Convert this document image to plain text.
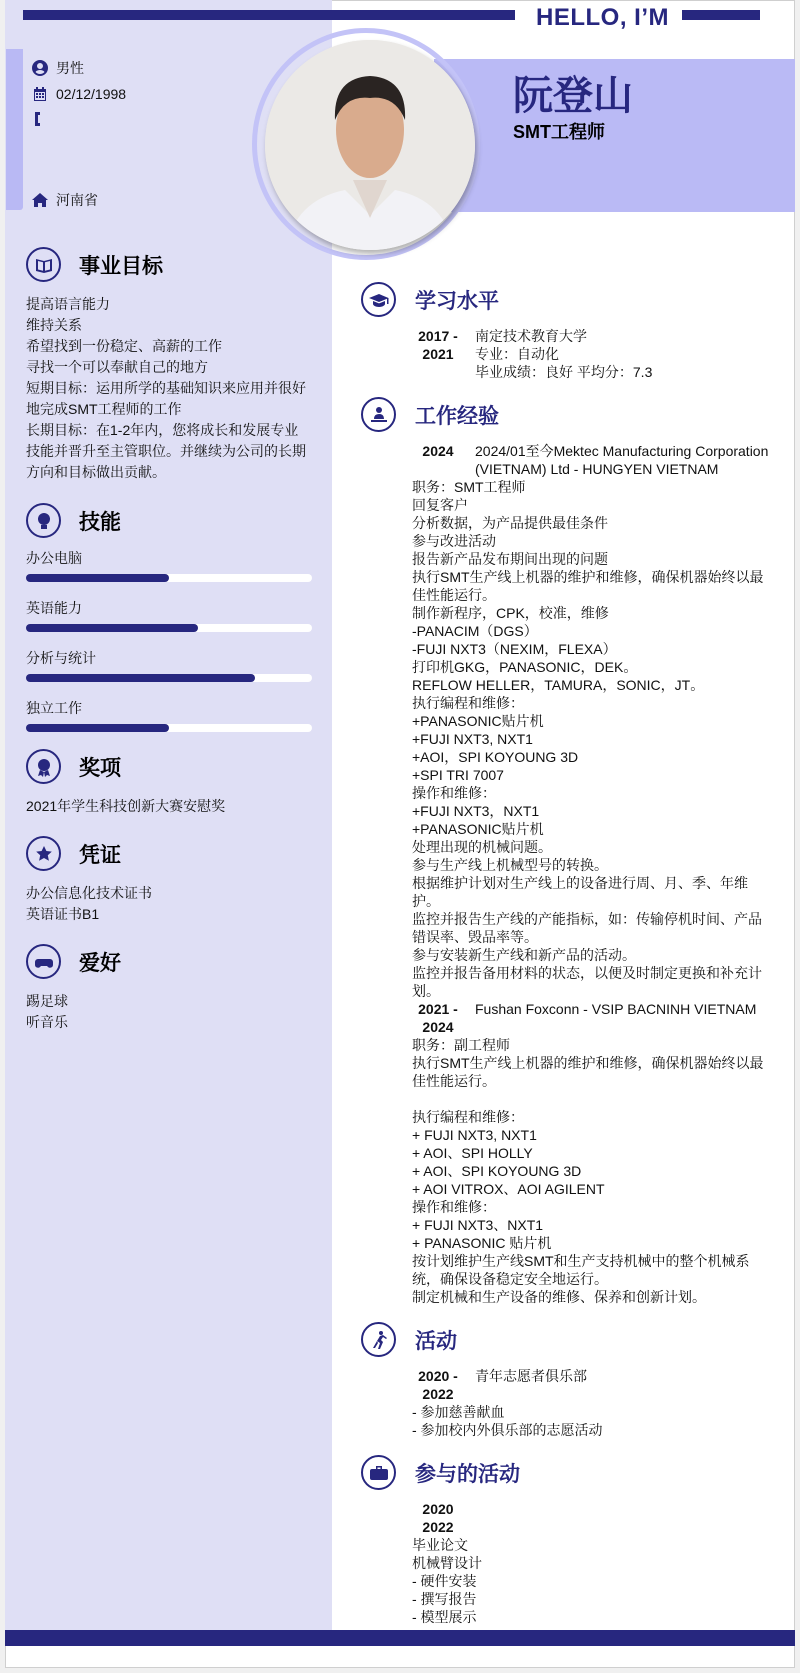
HELLO, I’M
男性
02/12/1998
河南省
阮登山
SMT工程师
事业目标
提高语言能力
维持关系
希望找到一份稳定、高薪的工作
寻找一个可以奉献自己的地方
短期目标：运用所学的基础知识来应用并很好地完成SMT工程师的工作
长期目标：在1-2年内，您将成长和发展专业技能并晋升至主管职位。并继续为公司的长期方向和目标做出贡献。
技能
办公电脑
英语能力
分析与统计
独立工作
奖项
2021年学生科技创新大赛安慰奖
凭证
办公信息化技术证书
英语证书B1
爱好
踢足球
听音乐
学习水平
2017 - 2021
南定技术教育大学
专业：自动化
毕业成绩：良好 平均分：7.3
工作经验
2024	2024/01至今Mektec Manufacturing Corporation (VIETNAM) Ltd - HUNGYEN VIETNAM
职务：SMT工程师
回复客户
分析数据，为产品提供最佳条件
参与改进活动
报告新产品发布期间出现的问题
执行SMT生产线上机器的维护和维修，确保机器始终以最佳性能运行。
制作新程序，CPK，校准，维修
-PANACIM（DGS）
-FUJI NXT3（NEXIM，FLEXA）
打印机GKG，PANASONIC，DEK。
REFLOW HELLER，TAMURA，SONIC，JT。
执行编程和维修：
+PANASONIC贴片机
+FUJI NXT3, NXT1
+AOI，SPI KOYOUNG 3D
+SPI TRI 7007
操作和维修：
+FUJI NXT3，NXT1
+PANASONIC贴片机
处理出现的机械问题。
参与生产线上机械型号的转换。
根据维护计划对生产线上的设备进行周、月、季、年维护。
监控并报告生产线的产能指标，如：传输停机时间、产品错误率、毁品率等。
参与安装新生产线和新产品的活动。
监控并报告备用材料的状态，以便及时制定更换和补充计划。
2021 - 2024
Fushan Foxconn - VSIP BACNINH VIETNAM
职务：副工程师
执行SMT生产线上机器的维护和维修，确保机器始终以最佳性能运行。
执行编程和维修：
+ FUJI NXT3, NXT1
+ AOI、SPI HOLLY
+ AOI、SPI KOYOUNG 3D
+ AOI VITROX、AOI AGILENT
操作和维修：
+ FUJI NXT3、NXT1
+ PANASONIC 贴片机
按计划维护生产线SMT和生产支持机械中的整个机械系统，确保设备稳定安全地运行。
制定机械和生产设备的维修、保养和创新计划。
活动
2020 - 2022
青年志愿者俱乐部
- 参加慈善献血
- 参加校内外俱乐部的志愿活动
参与的活动
2020 2022
毕业论文
机械臂设计
- 硬件安装
- 撰写报告
- 模型展示
